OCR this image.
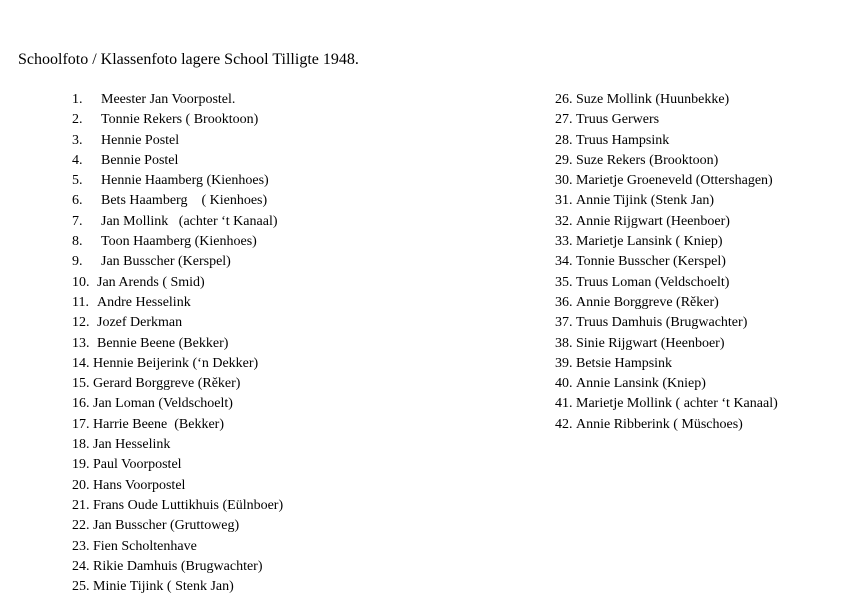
Schoolfoto / Klassenfoto lagere School Tilligte 1948.
1. Meester Jan Voorpostel.
2. Tonnie Rekers ( Brooktoon)
3. Hennie Postel
4. Bennie Postel
5. Hennie Haamberg (Kienhoes)
6. Bets Haamberg    ( Kienhoes)
7. Jan Mollink   (achter ‘t Kanaal)
8. Toon Haamberg (Kienhoes)
9. Jan Busscher (Kerspel)
10. Jan Arends ( Smid)
11. Andre Hesselink
12. Jozef Derkman
13. Bennie Beene (Bekker)
14. Hennie Beijerink (‘n Dekker)
15. Gerard Borggreve (Rěker)
16. Jan Loman (Veldschoelt)
17. Harrie Beene  (Bekker)
18. Jan Hesselink
19. Paul Voorpostel
20. Hans Voorpostel
21. Frans Oude Luttikhuis (Eülnboer)
22. Jan Busscher (Gruttoweg)
23. Fien Scholtenhave
24. Rikie Damhuis (Brugwachter)
25. Minie Tijink ( Stenk Jan)
26. Suze Mollink (Huunbekke)
27. Truus Gerwers
28. Truus Hampsink
29. Suze Rekers (Brooktoon)
30. Marietje Groeneveld (Ottershagen)
31. Annie Tijink (Stenk Jan)
32. Annie Rijgwart (Heenboer)
33. Marietje Lansink ( Kniep)
34. Tonnie Busscher (Kerspel)
35. Truus Loman (Veldschoelt)
36. Annie Borggreve (Rěker)
37. Truus Damhuis (Brugwachter)
38. Sinie Rijgwart (Heenboer)
39. Betsie Hampsink
40. Annie Lansink (Kniep)
41. Marietje Mollink ( achter ‘t Kanaal)
42. Annie Ribberink ( Müschoes)
